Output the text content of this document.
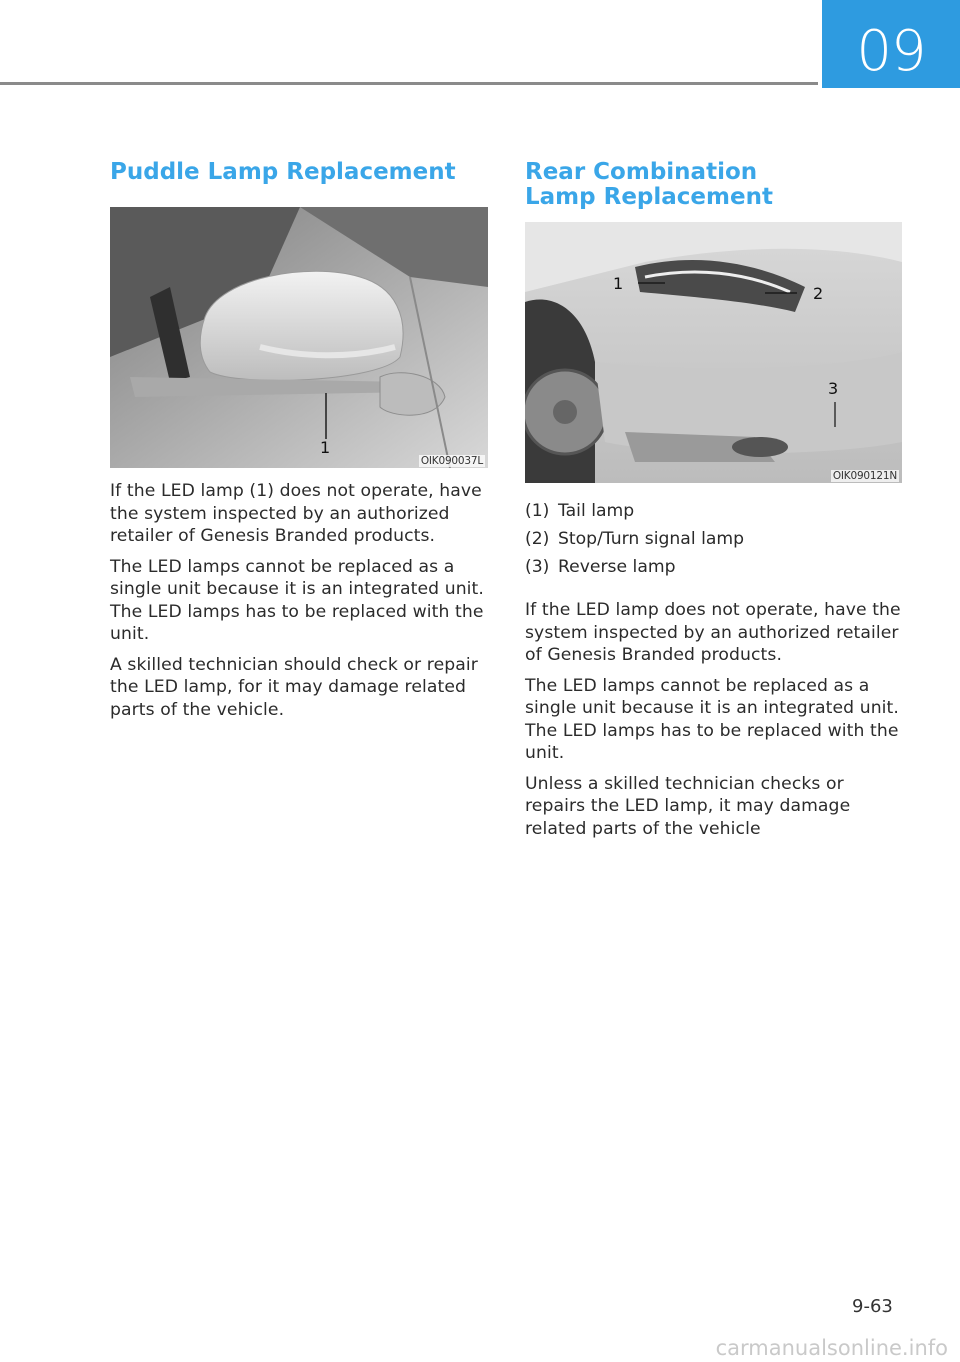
09
Puddle Lamp Replacement
1
OIK090037L

If the LED lamp (1) does not operate, have the system inspected by an authorized retailer of Genesis Branded products.

The LED lamps cannot be replaced as a single unit because it is an integrated unit. The LED lamps has to be replaced with the unit.

A skilled technician should check or repair the LED lamp, for it may damage related parts of the vehicle.

Rear Combination Lamp Replacement
1
2
3
OIK090121N
(1) Tail lamp
(2) Stop/Turn signal lamp
(3) Reverse lamp

If the LED lamp does not operate, have the system inspected by an authorized retailer of Genesis Branded products.

The LED lamps cannot be replaced as a single unit because it is an integrated unit. The LED lamps has to be replaced with the unit.

Unless a skilled technician checks or repairs the LED lamp, it may damage related parts of the vehicle

9-63
carmanualsonline.info
